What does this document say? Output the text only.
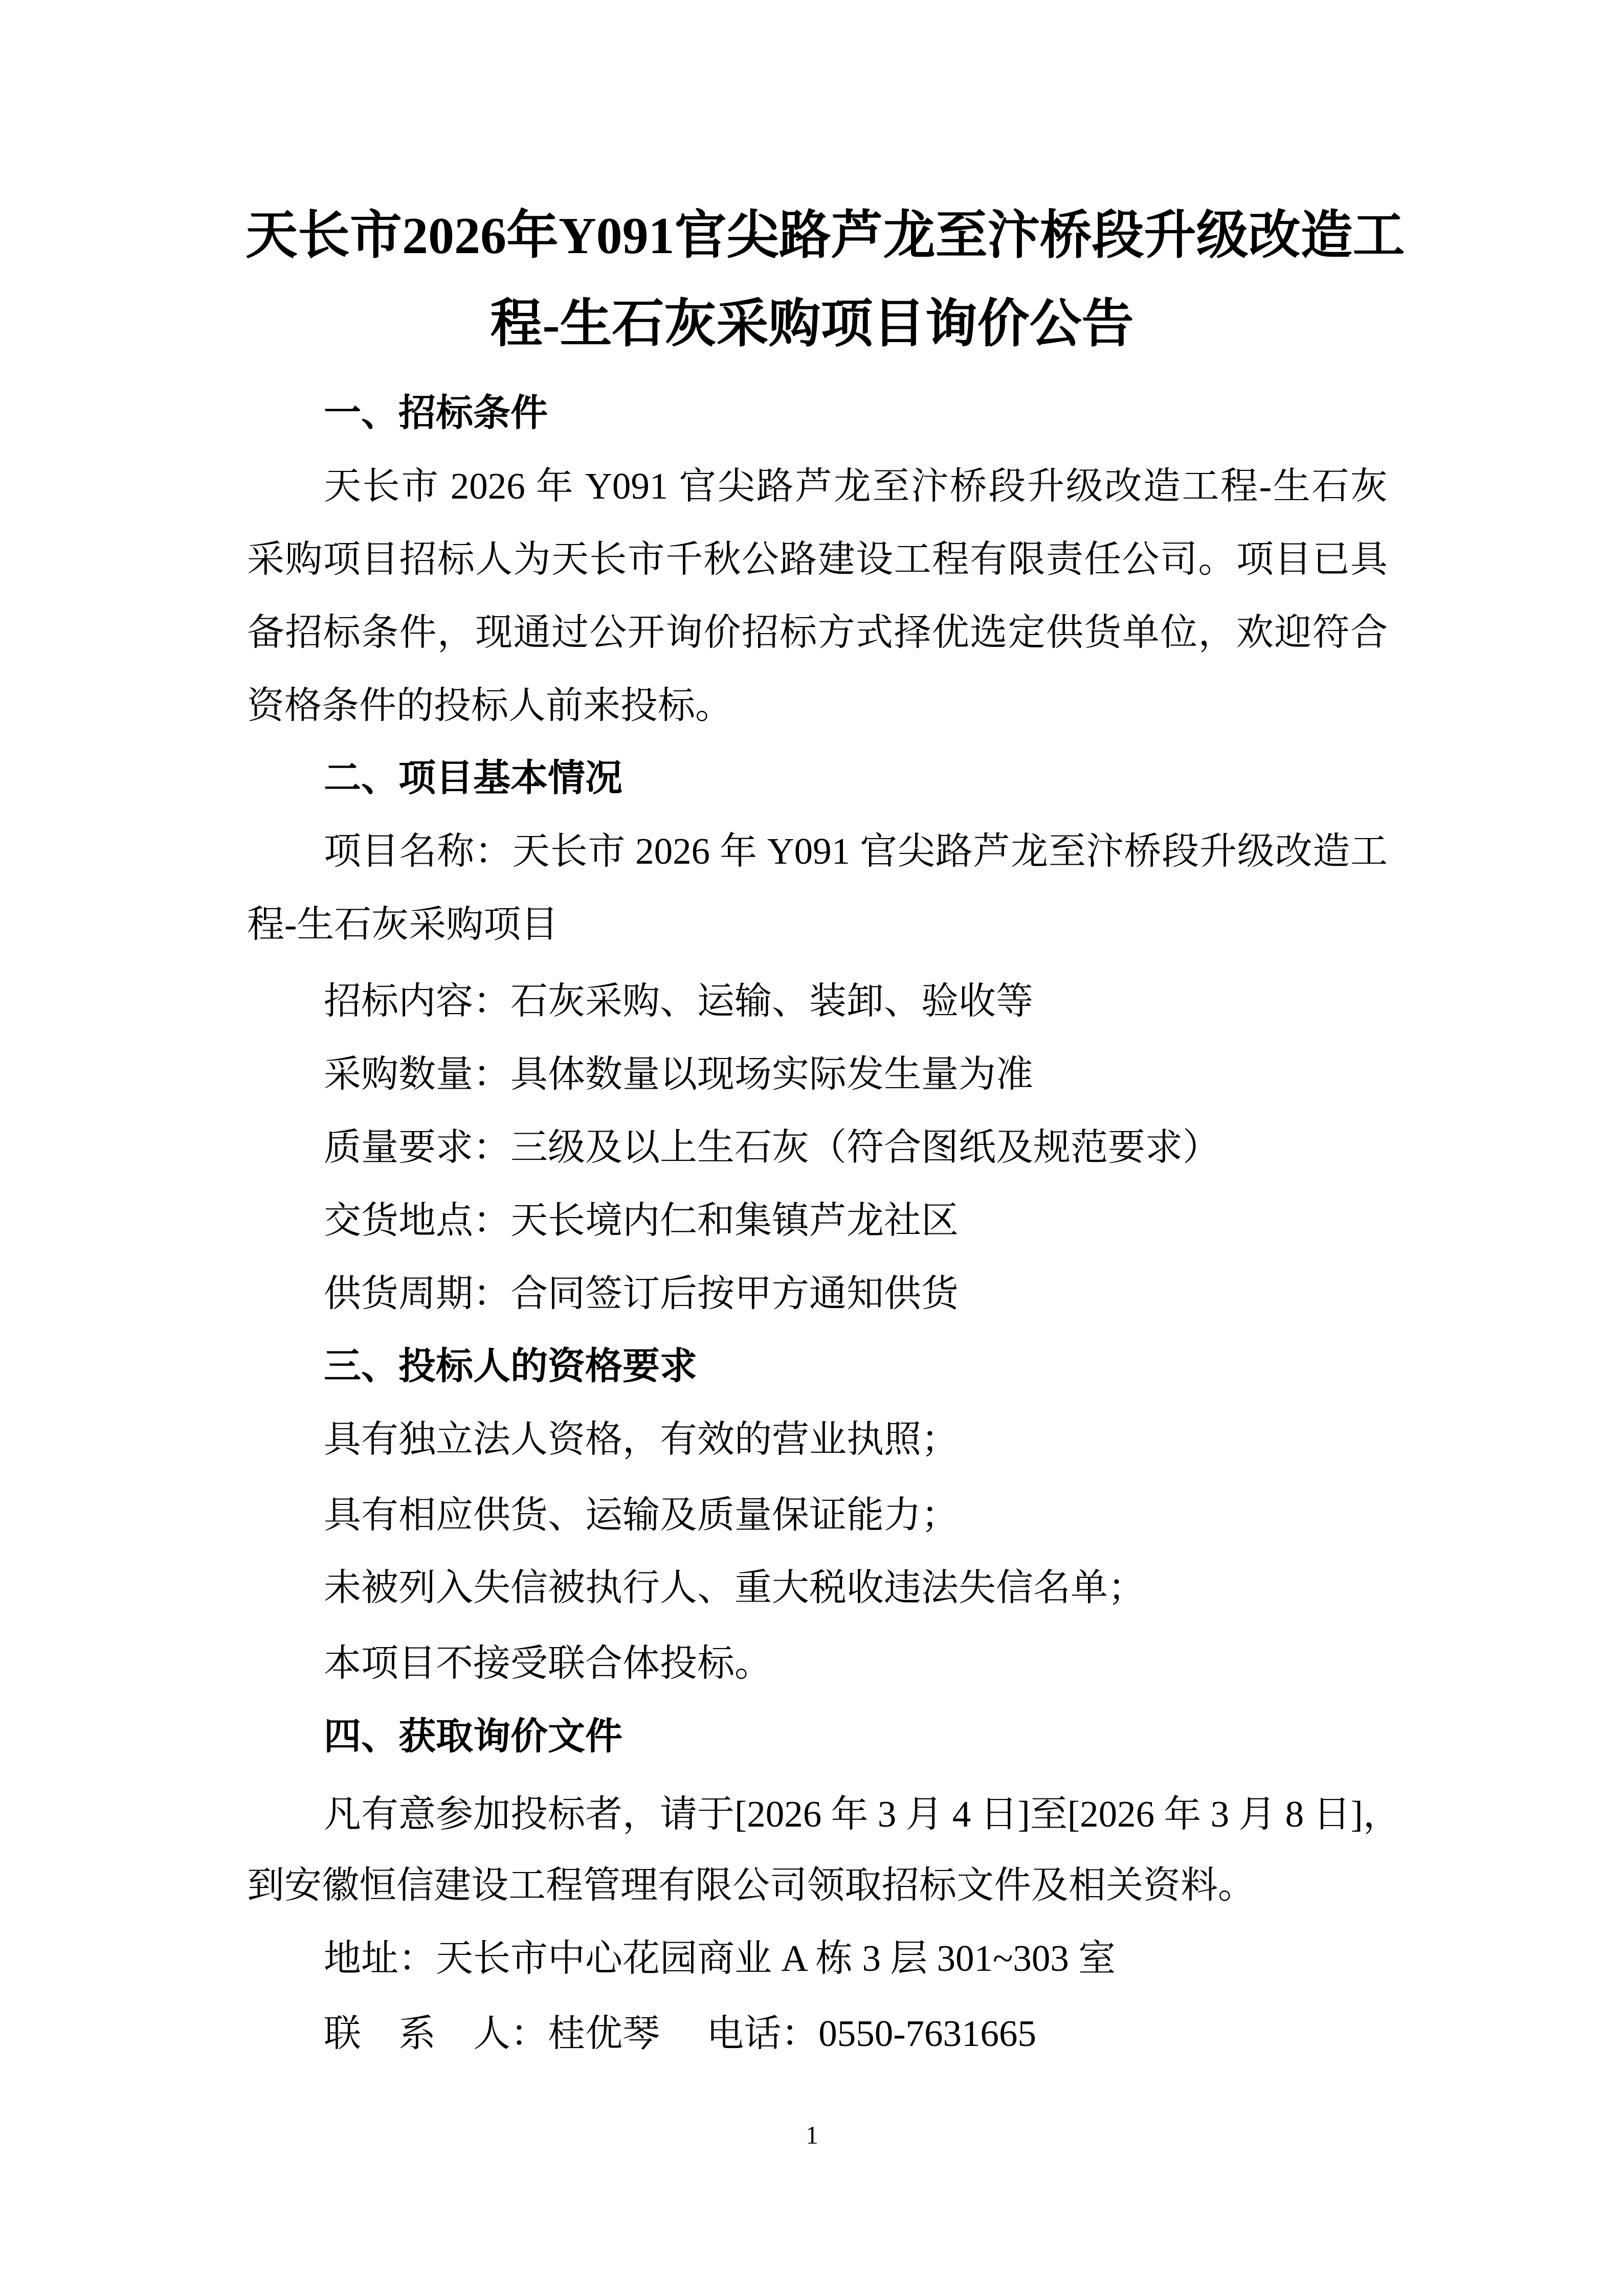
天长市2026年Y091官尖路芦龙至汴桥段升级改造工
程-生石灰采购项目询价公告
一、招标条件
天长市 2026 年 Y091 官尖路芦龙至汴桥段升级改造工程-生石灰
采购项目招标人为天长市千秋公路建设工程有限责任公司。项目已具
备招标条件，现通过公开询价招标方式择优选定供货单位，欢迎符合
资格条件的投标人前来投标。
二、项目基本情况
项目名称：天长市 2026 年 Y091 官尖路芦龙至汴桥段升级改造工
程-生石灰采购项目
招标内容：石灰采购、运输、装卸、验收等
采购数量：具体数量以现场实际发生量为准
质量要求：三级及以上生石灰（符合图纸及规范要求）
交货地点：天长境内仁和集镇芦龙社区
供货周期：合同签订后按甲方通知供货
三、投标人的资格要求
具有独立法人资格，有效的营业执照；
具有相应供货、运输及质量保证能力；
未被列入失信被执行人、重大税收违法失信名单；
本项目不接受联合体投标。
四、获取询价文件
凡有意参加投标者，请于[2026 年 3 月 4 日]至[2026 年 3 月 8 日]，
到安徽恒信建设工程管理有限公司领取招标文件及相关资料。
地址：天长市中心花园商业 A 栋 3 层 301~303 室
联　系　人：桂优琴　 电话：0550-7631665
1
